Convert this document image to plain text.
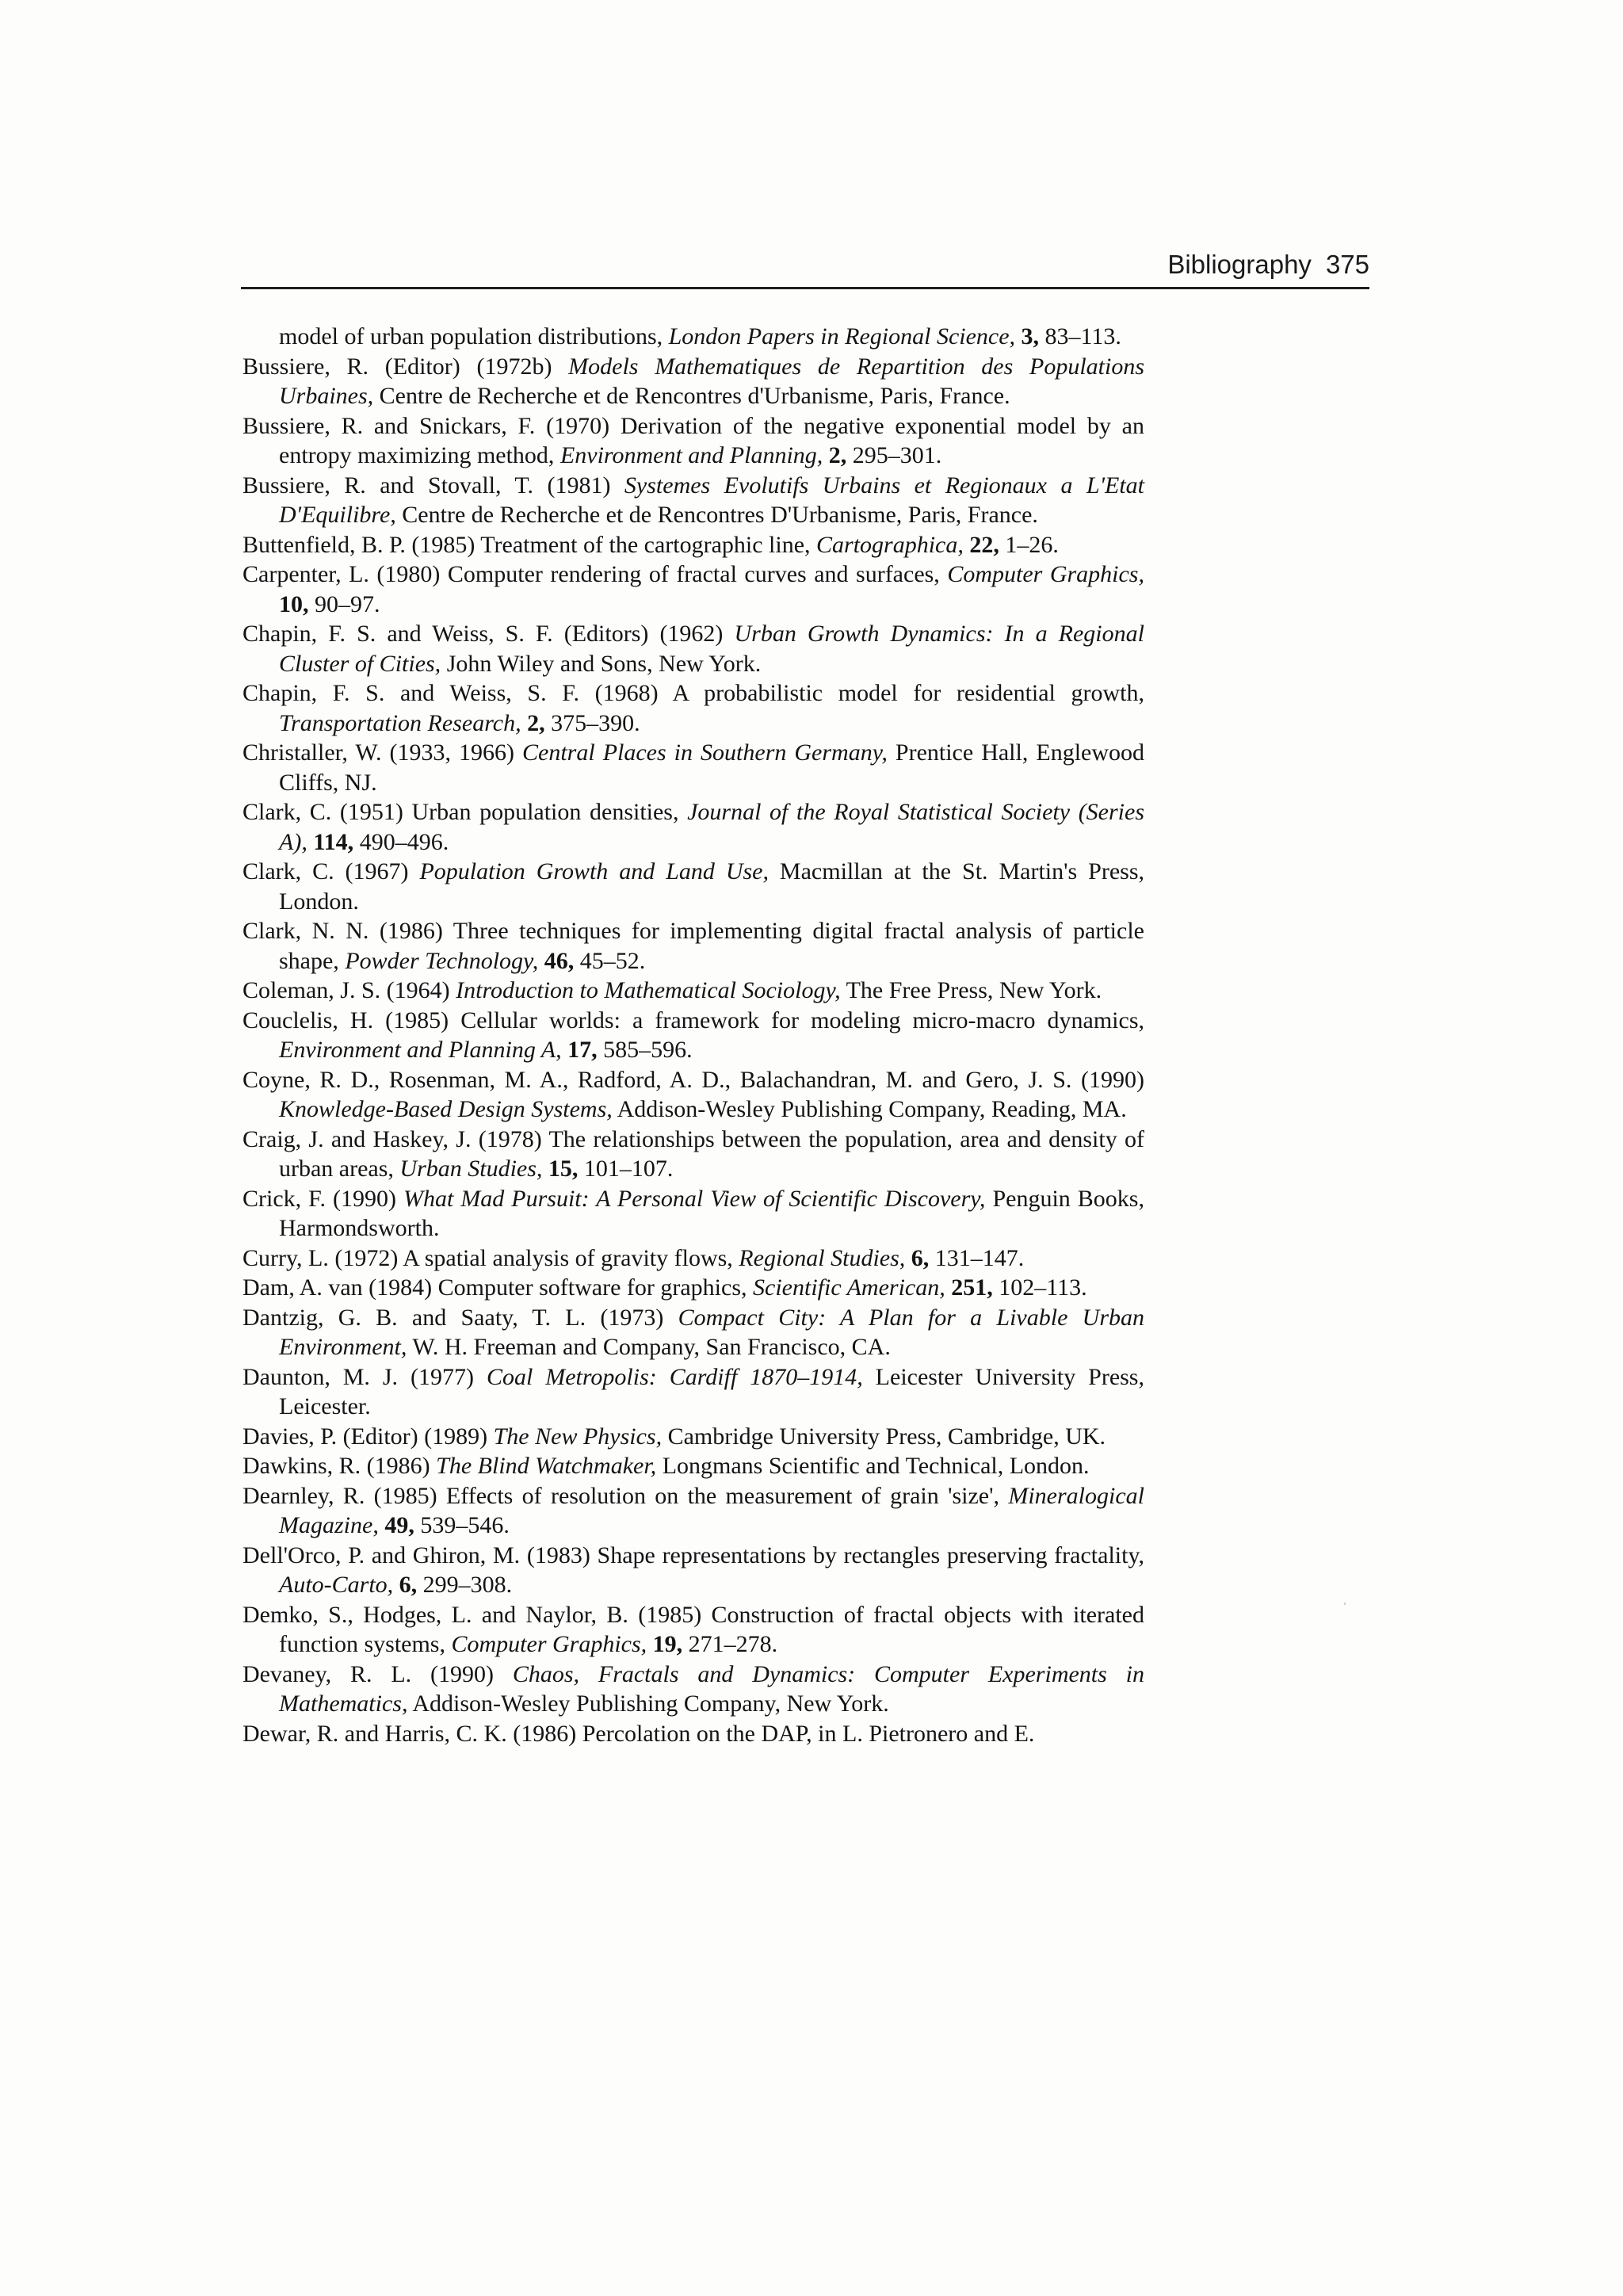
Bibliography 375
model of urban population distributions, London Papers in Regional Science, 3, 83–113.
Bussiere, R. (Editor) (1972b) Models Mathematiques de Repartition des Populations Urbaines, Centre de Recherche et de Rencontres d'Urbanisme, Paris, France.
Bussiere, R. and Snickars, F. (1970) Derivation of the negative exponential model by an entropy maximizing method, Environment and Planning, 2, 295–301.
Bussiere, R. and Stovall, T. (1981) Systemes Evolutifs Urbains et Regionaux a L'Etat D'Equilibre, Centre de Recherche et de Rencontres D'Urbanisme, Paris, France.
Buttenfield, B. P. (1985) Treatment of the cartographic line, Cartographica, 22, 1–26.
Carpenter, L. (1980) Computer rendering of fractal curves and surfaces, Computer Graphics, 10, 90–97.
Chapin, F. S. and Weiss, S. F. (Editors) (1962) Urban Growth Dynamics: In a Regional Cluster of Cities, John Wiley and Sons, New York.
Chapin, F. S. and Weiss, S. F. (1968) A probabilistic model for residential growth, Transportation Research, 2, 375–390.
Christaller, W. (1933, 1966) Central Places in Southern Germany, Prentice Hall, Englewood Cliffs, NJ.
Clark, C. (1951) Urban population densities, Journal of the Royal Statistical Society (Series A), 114, 490–496.
Clark, C. (1967) Population Growth and Land Use, Macmillan at the St. Martin's Press, London.
Clark, N. N. (1986) Three techniques for implementing digital fractal analysis of particle shape, Powder Technology, 46, 45–52.
Coleman, J. S. (1964) Introduction to Mathematical Sociology, The Free Press, New York.
Couclelis, H. (1985) Cellular worlds: a framework for modeling micro-macro dynamics, Environment and Planning A, 17, 585–596.
Coyne, R. D., Rosenman, M. A., Radford, A. D., Balachandran, M. and Gero, J. S. (1990) Knowledge-Based Design Systems, Addison-Wesley Publishing Company, Reading, MA.
Craig, J. and Haskey, J. (1978) The relationships between the population, area and density of urban areas, Urban Studies, 15, 101–107.
Crick, F. (1990) What Mad Pursuit: A Personal View of Scientific Discovery, Penguin Books, Harmondsworth.
Curry, L. (1972) A spatial analysis of gravity flows, Regional Studies, 6, 131–147.
Dam, A. van (1984) Computer software for graphics, Scientific American, 251, 102–113.
Dantzig, G. B. and Saaty, T. L. (1973) Compact City: A Plan for a Livable Urban Environment, W. H. Freeman and Company, San Francisco, CA.
Daunton, M. J. (1977) Coal Metropolis: Cardiff 1870–1914, Leicester University Press, Leicester.
Davies, P. (Editor) (1989) The New Physics, Cambridge University Press, Cambridge, UK.
Dawkins, R. (1986) The Blind Watchmaker, Longmans Scientific and Technical, London.
Dearnley, R. (1985) Effects of resolution on the measurement of grain 'size', Mineralogical Magazine, 49, 539–546.
Dell'Orco, P. and Ghiron, M. (1983) Shape representations by rectangles preserving fractality, Auto-Carto, 6, 299–308.
Demko, S., Hodges, L. and Naylor, B. (1985) Construction of fractal objects with iterated function systems, Computer Graphics, 19, 271–278.
Devaney, R. L. (1990) Chaos, Fractals and Dynamics: Computer Experiments in Mathematics, Addison-Wesley Publishing Company, New York.
Dewar, R. and Harris, C. K. (1986) Percolation on the DAP, in L. Pietronero and E.
